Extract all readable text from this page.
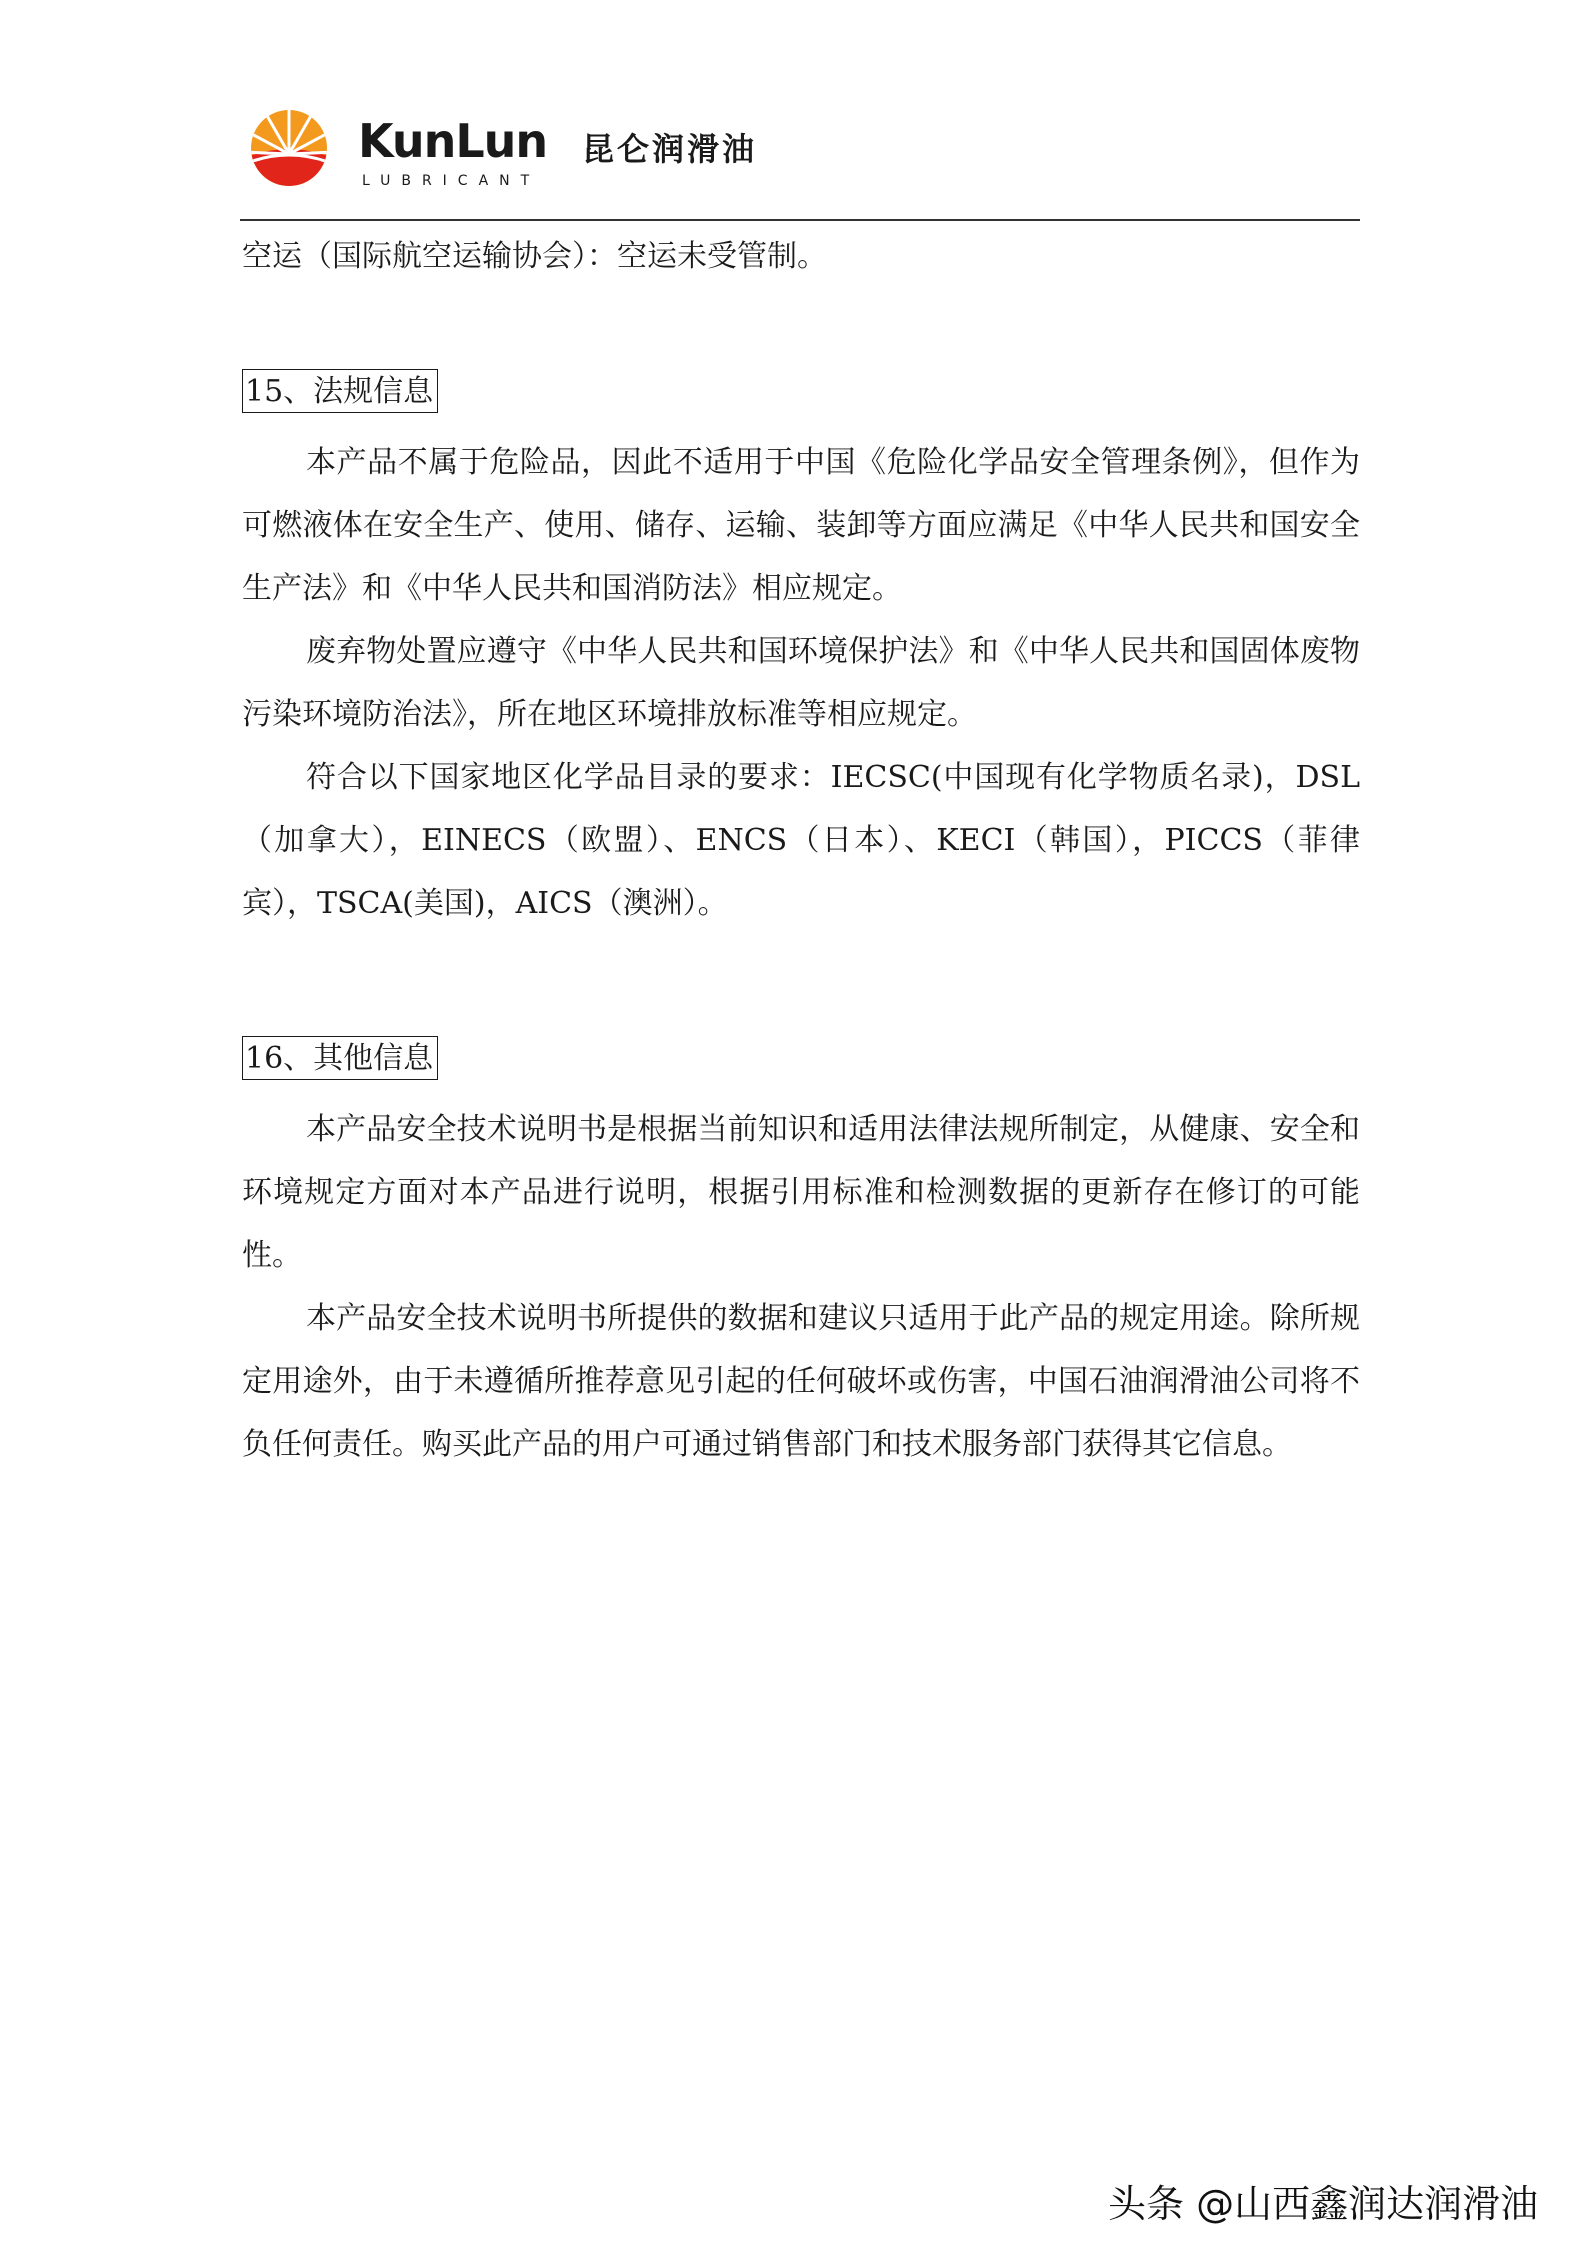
KunLun 昆仑润滑油
LUBRICANT

空运（国际航空运输协会）：空运未受管制。

15、法规信息

本产品不属于危险品，因此不适用于中国《危险化学品安全管理条例》，但作为可燃液体在安全生产、使用、储存、运输、装卸等方面应满足《中华人民共和国安全生产法》和《中华人民共和国消防法》相应规定。

废弃物处置应遵守《中华人民共和国环境保护法》和《中华人民共和国固体废物污染环境防治法》，所在地区环境排放标准等相应规定。

符合以下国家地区化学品目录的要求：IECSC(中国现有化学物质名录)，DSL（加拿大），EINECS（欧盟）、ENCS（日本）、KECI（韩国），PICCS（菲律宾），TSCA(美国)，AICS（澳洲）。

16、其他信息

本产品安全技术说明书是根据当前知识和适用法律法规所制定，从健康、安全和环境规定方面对本产品进行说明，根据引用标准和检测数据的更新存在修订的可能性。

本产品安全技术说明书所提供的数据和建议只适用于此产品的规定用途。除所规定用途外，由于未遵循所推荐意见引起的任何破坏或伤害，中国石油润滑油公司将不负任何责任。购买此产品的用户可通过销售部门和技术服务部门获得其它信息。

头条 @山西鑫润达润滑油
